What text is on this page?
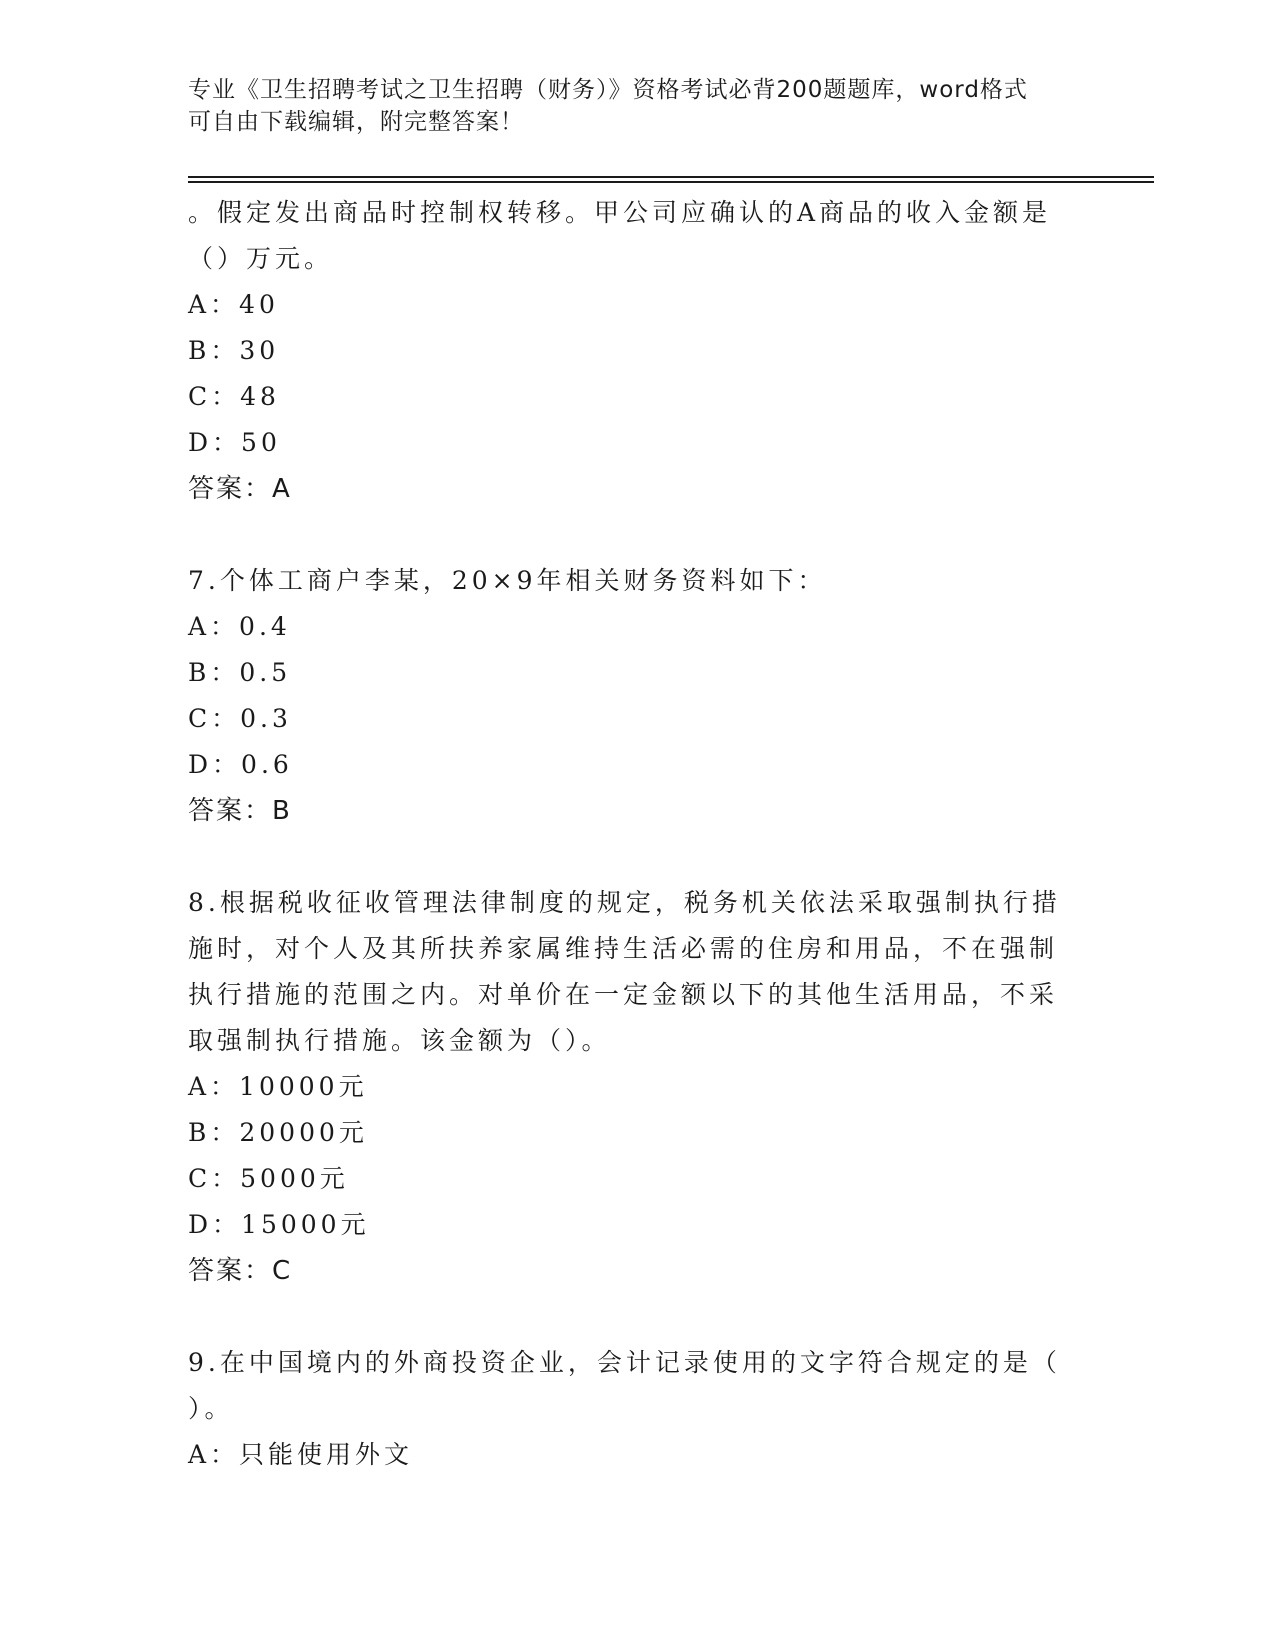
专业《卫生招聘考试之卫生招聘（财务）》资格考试必背200题题库，word格式
可自由下载编辑，附完整答案！
。假定发出商品时控制权转移。甲公司应确认的A商品的收入金额是
（）万元。
A：40
B：30
C：48
D：50
答案：A
7.个体工商户李某，20×9年相关财务资料如下：
A：0.4
B：0.5
C：0.3
D：0.6
答案：B
8.根据税收征收管理法律制度的规定，税务机关依法采取强制执行措
施时，对个人及其所扶养家属维持生活必需的住房和用品，不在强制
执行措施的范围之内。对单价在一定金额以下的其他生活用品，不采
取强制执行措施。该金额为（）。
A：10000元
B：20000元
C：5000元
D：15000元
答案：C
9.在中国境内的外商投资企业，会计记录使用的文字符合规定的是（
）。
A：只能使用外文
